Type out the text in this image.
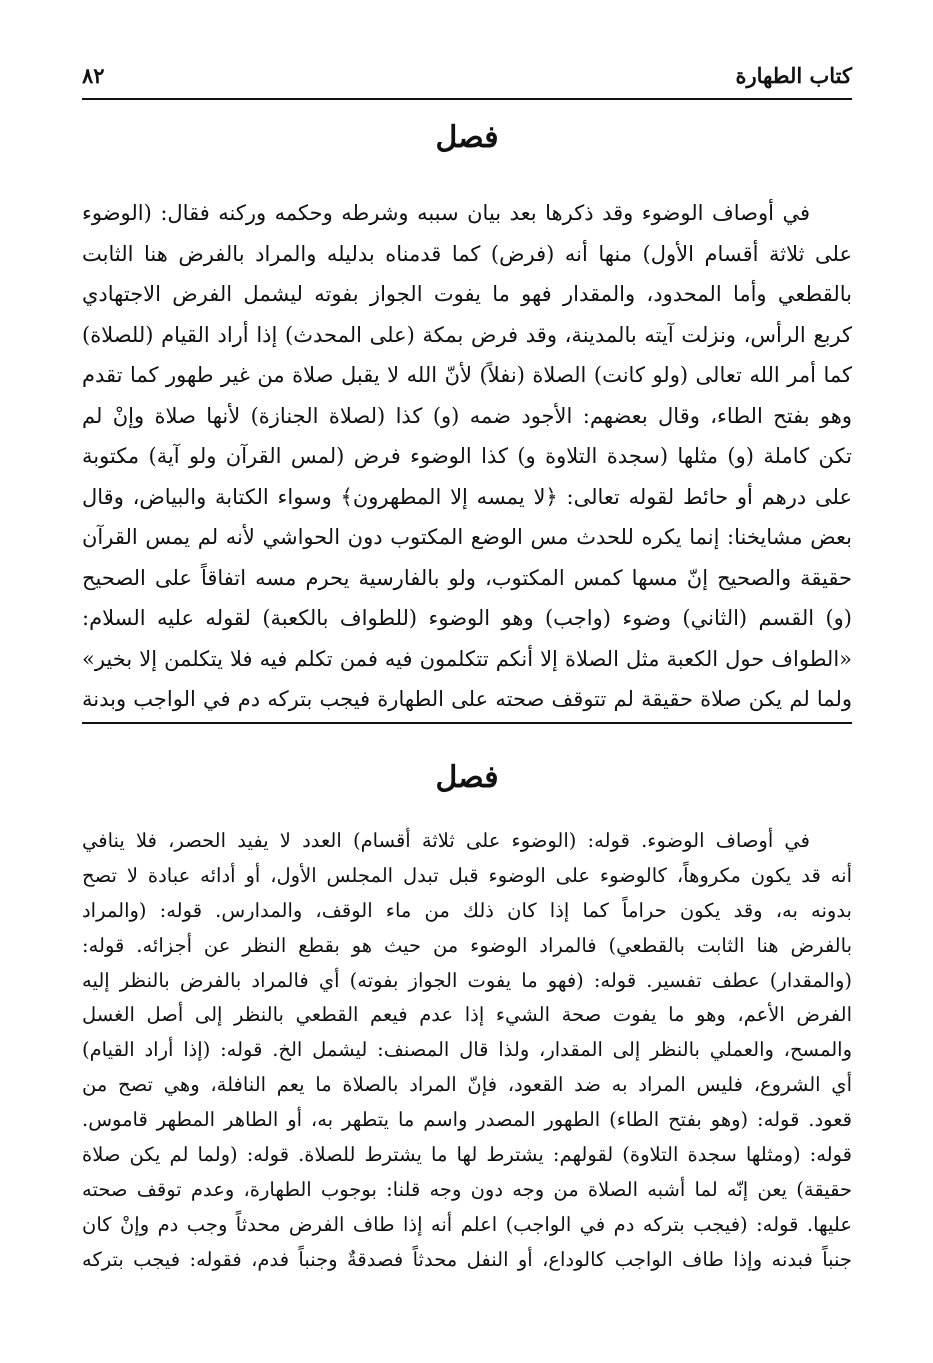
كتاب الطهارة
٨٢
فصل
في أوصاف الوضوء وقد ذكرها بعد بيان سببه وشرطه وحكمه وركنه فقال: (الوضوء
على ثلاثة أقسام الأول) منها أنه (فرض) كما قدمناه بدليله والمراد بالفرض هنا الثابت
بالقطعي وأما المحدود، والمقدار فهو ما يفوت الجواز بفوته ليشمل الفرض الاجتهادي
كربع الرأس، ونزلت آيته بالمدينة، وقد فرض بمكة (على المحدث) إذا أراد القيام (للصلاة)
كما أمر الله تعالى (ولو كانت) الصلاة (نفلاً) لأنّ الله لا يقبل صلاة من غير طهور كما تقدم
وهو بفتح الطاء، وقال بعضهم: الأجود ضمه (و) كذا (لصلاة الجنازة) لأنها صلاة وإنْ لم
تكن كاملة (و) مثلها (سجدة التلاوة و) كذا الوضوء فرض (لمس القرآن ولو آية) مكتوبة
على درهم أو حائط لقوله تعالى: ﴿لا يمسه إلا المطهرون﴾ وسواء الكتابة والبياض، وقال
بعض مشايخنا: إنما يكره للحدث مس الوضع المكتوب دون الحواشي لأنه لم يمس القرآن
حقيقة والصحيح إنّ مسها كمس المكتوب، ولو بالفارسية يحرم مسه اتفاقاً على الصحيح
(و) القسم (الثاني) وضوء (واجب) وهو الوضوء (للطواف بالكعبة) لقوله عليه السلام:
«الطواف حول الكعبة مثل الصلاة إلا أنكم تتكلمون فيه فمن تكلم فيه فلا يتكلمن إلا بخير»
ولما لم يكن صلاة حقيقة لم تتوقف صحته على الطهارة فيجب بتركه دم في الواجب وبدنة
فصل
في أوصاف الوضوء. قوله: (الوضوء على ثلاثة أقسام) العدد لا يفيد الحصر، فلا ينافي
أنه قد يكون مكروهاً، كالوضوء على الوضوء قبل تبدل المجلس الأول، أو أدائه عبادة لا تصح
بدونه به، وقد يكون حراماً كما إذا كان ذلك من ماء الوقف، والمدارس. قوله: (والمراد
بالفرض هنا الثابت بالقطعي) فالمراد الوضوء من حيث هو بقطع النظر عن أجزائه. قوله:
(والمقدار) عطف تفسير. قوله: (فهو ما يفوت الجواز بفوته) أي فالمراد بالفرض بالنظر إليه
الفرض الأعم، وهو ما يفوت صحة الشيء إذا عدم فيعم القطعي بالنظر إلى أصل الغسل
والمسح، والعملي بالنظر إلى المقدار، ولذا قال المصنف: ليشمل الخ. قوله: (إذا أراد القيام)
أي الشروع، فليس المراد به ضد القعود، فإنّ المراد بالصلاة ما يعم النافلة، وهي تصح من
قعود. قوله: (وهو بفتح الطاء) الطهور المصدر واسم ما يتطهر به، أو الطاهر المطهر قاموس.
قوله: (ومثلها سجدة التلاوة) لقولهم: يشترط لها ما يشترط للصلاة. قوله: (ولما لم يكن صلاة
حقيقة) يعن إنّه لما أشبه الصلاة من وجه دون وجه قلنا: بوجوب الطهارة، وعدم توقف صحته
عليها. قوله: (فيجب بتركه دم في الواجب) اعلم أنه إذا طاف الفرض محدثاً وجب دم وإنْ كان
جنباً فبدنه وإذا طاف الواجب كالوداع، أو النفل محدثاً فصدقةٌ وجنباً فدم، فقوله: فيجب بتركه
